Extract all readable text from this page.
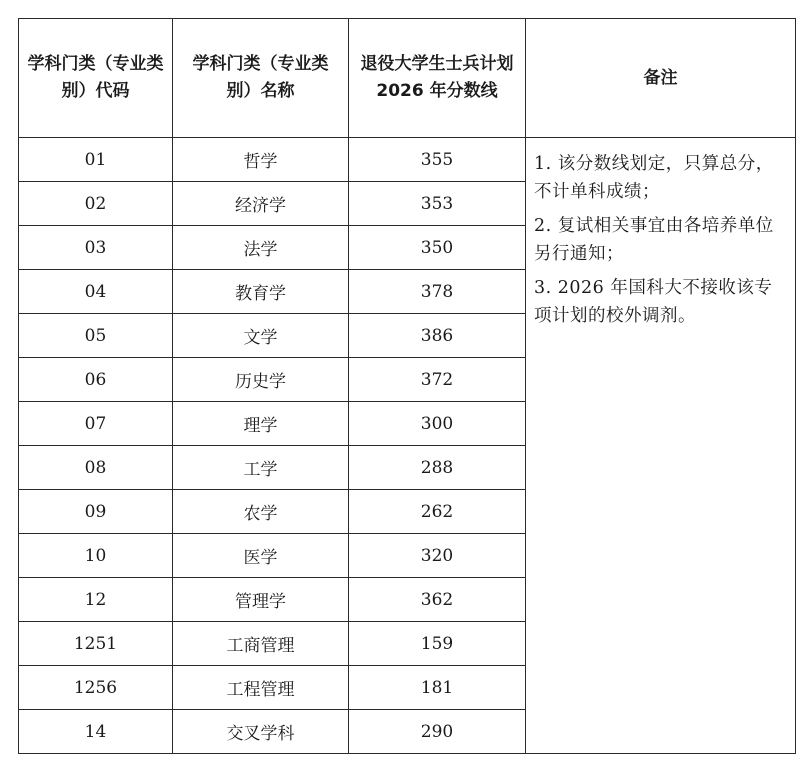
学科门类（专业类别）代码	学科门类（专业类别）名称	退役大学生士兵计划 2026 年分数线	备注
01	哲学	355	1. 该分数线划定，只算总分，不计单科成绩；

2. 复试相关事宜由各培养单位另行通知；

3. 2026 年国科大不接收该专项计划的校外调剂。

02	经济学	353	
03	法学	350	
04	教育学	378	
05	文学	386	
06	历史学	372	
07	理学	300	
08	工学	288	
09	农学	262	
10	医学	320	
12	管理学	362	
1251	工商管理	159	
1256	工程管理	181	
14	交叉学科	290	
